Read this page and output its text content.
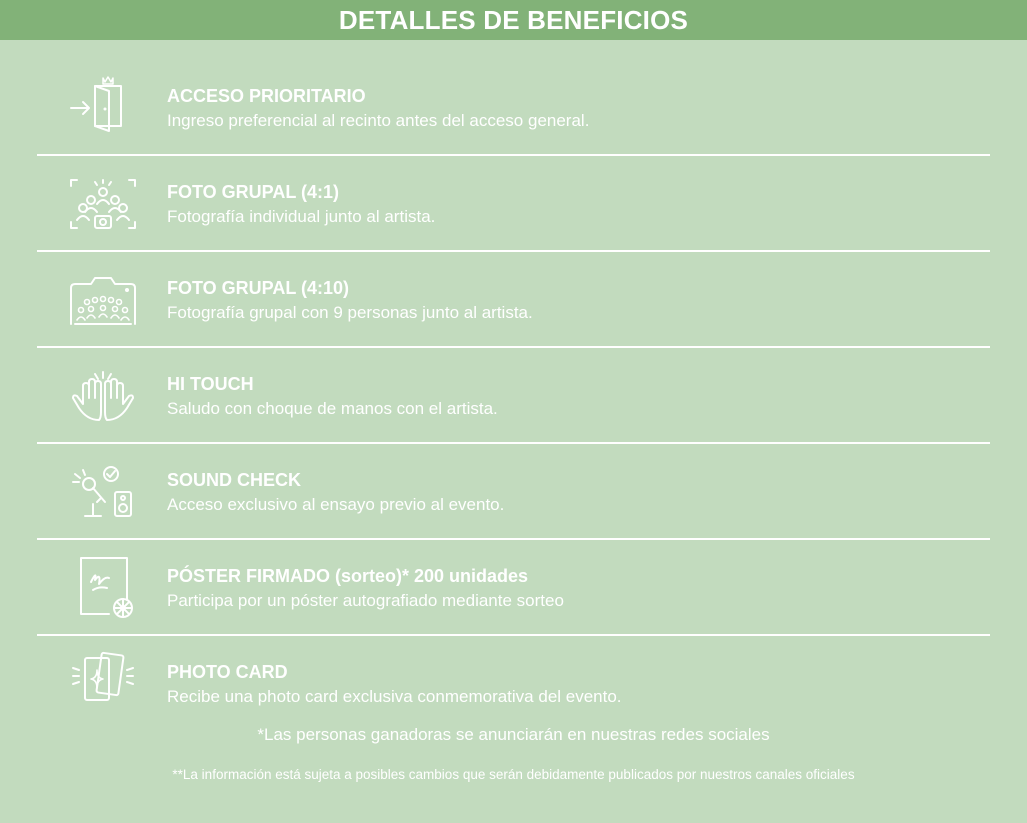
DETALLES DE BENEFICIOS
ACCESO PRIORITARIO
Ingreso preferencial al recinto antes del acceso general.
FOTO GRUPAL (4:1)
Fotografía individual junto al artista.
FOTO GRUPAL (4:10)
Fotografía grupal con 9 personas junto al artista.
HI TOUCH
Saludo con choque de manos con el artista.
SOUND CHECK
Acceso exclusivo al ensayo previo al evento.
PÓSTER FIRMADO (sorteo)* 200 unidades
Participa por un póster autografiado mediante sorteo
PHOTO CARD
Recibe una photo card exclusiva conmemorativa del evento.
*Las personas ganadoras se anunciarán en nuestras redes sociales
**La información está sujeta a posibles cambios que serán debidamente publicados por nuestros canales oficiales
